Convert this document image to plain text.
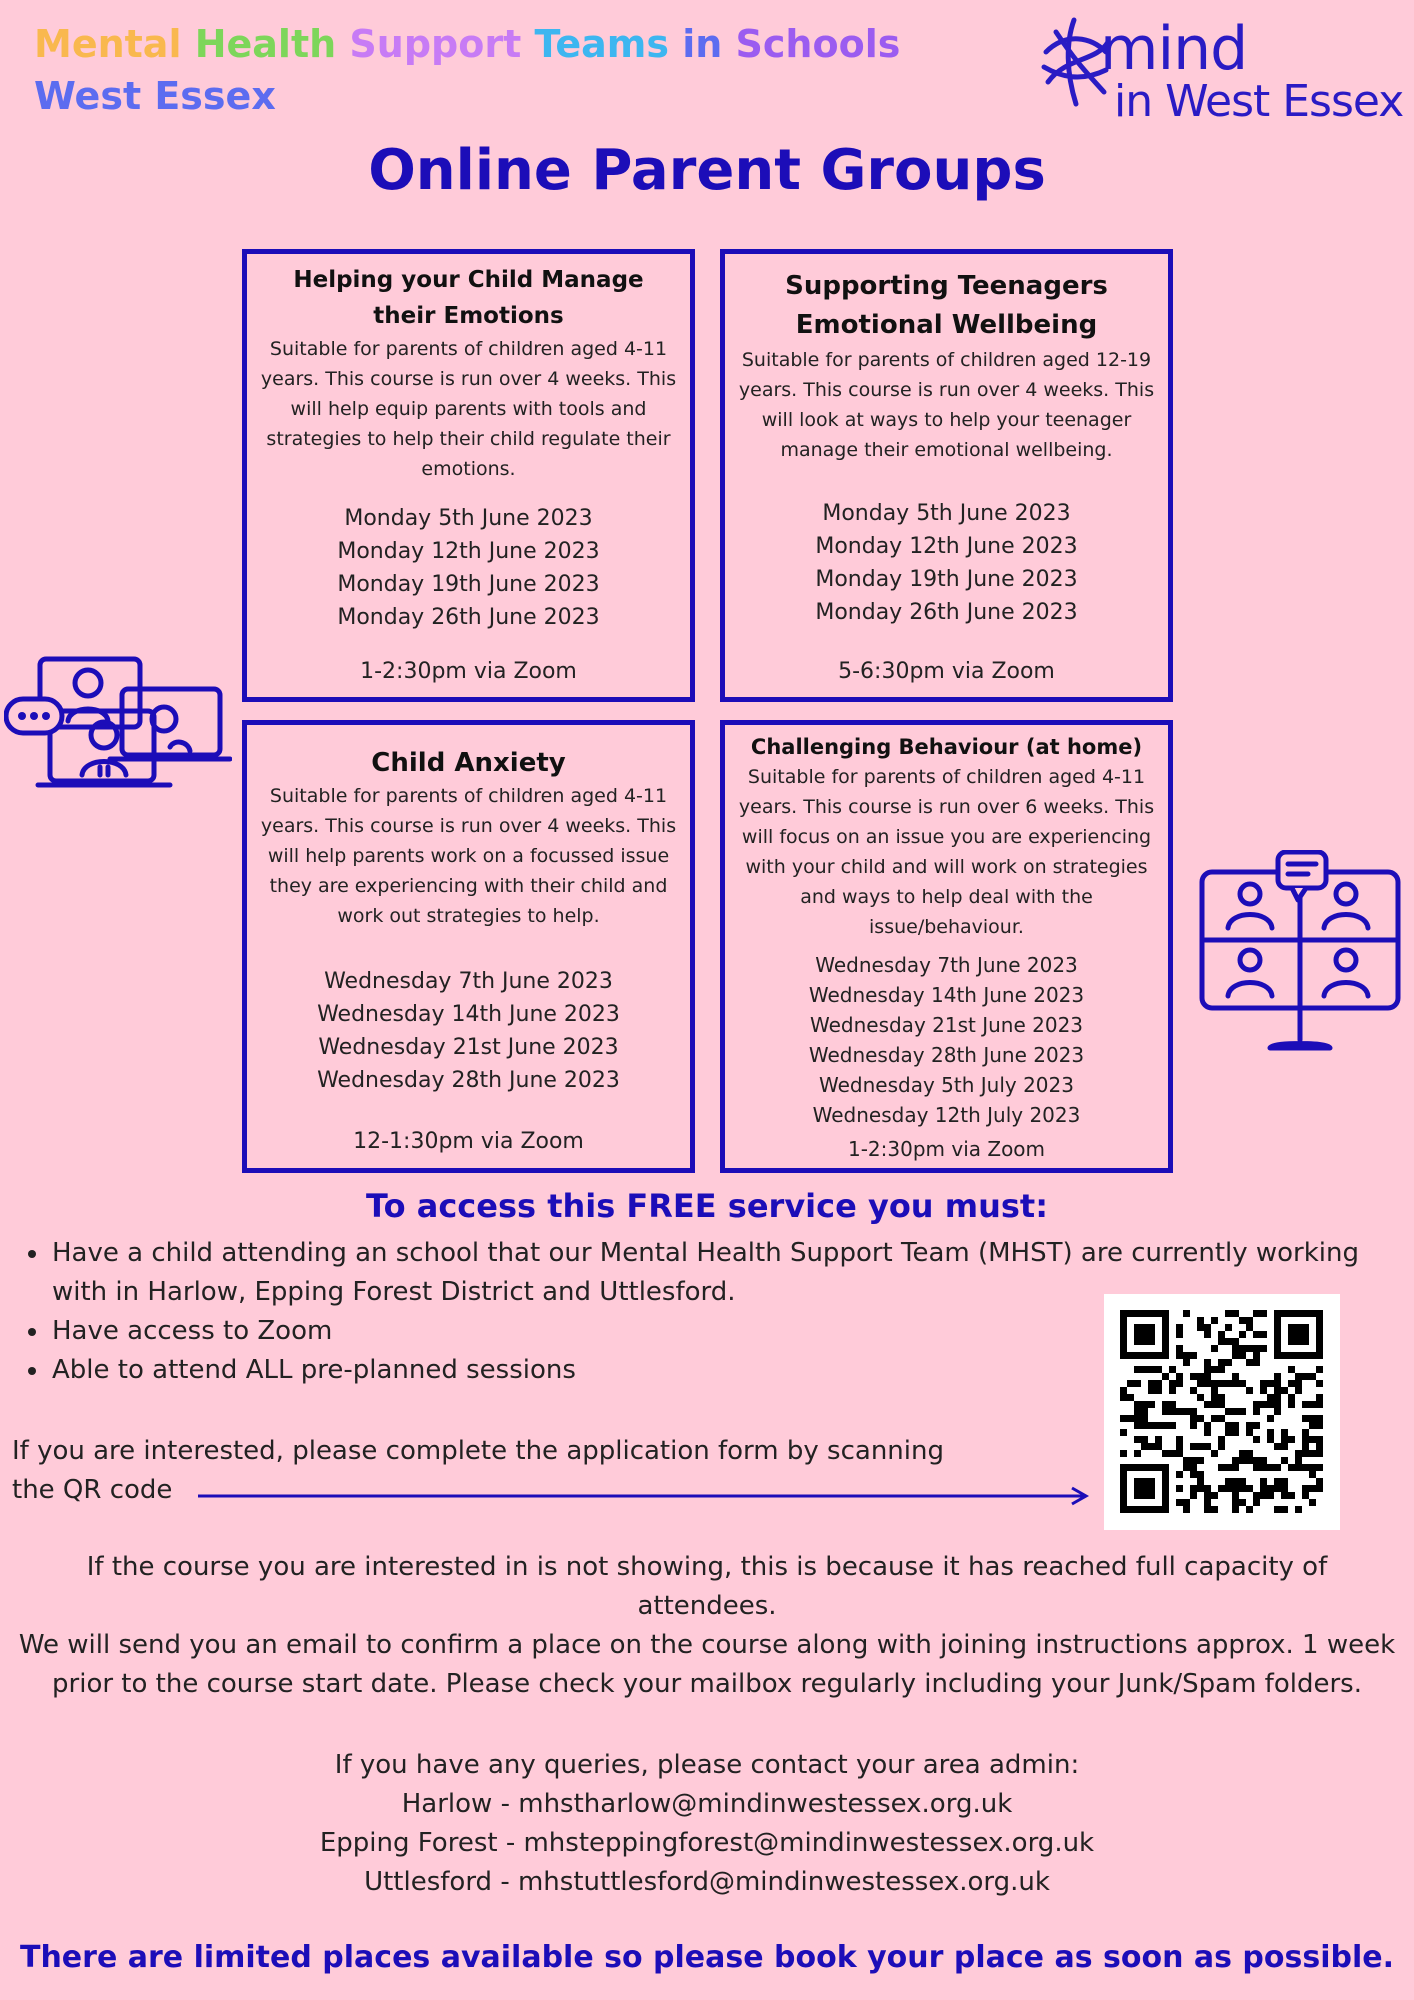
Mental Health Support Teams in Schools
West Essex
mind
in West Essex
Online Parent Groups
Helping your Child Manage their Emotions

Suitable for parents of children aged 4-11 years. This course is run over 4 weeks. This will help equip parents with tools and strategies to help their child regulate their emotions.

Monday 5th June 2023
Monday 12th June 2023
Monday 19th June 2023
Monday 26th June 2023
1-2:30pm via Zoom
Supporting Teenagers Emotional Wellbeing

Suitable for parents of children aged 12-19 years. This course is run over 4 weeks. This will look at ways to help your teenager manage their emotional wellbeing.

Monday 5th June 2023
Monday 12th June 2023
Monday 19th June 2023
Monday 26th June 2023
5-6:30pm via Zoom
Child Anxiety

Suitable for parents of children aged 4-11 years. This course is run over 4 weeks. This will help parents work on a focussed issue they are experiencing with their child and work out strategies to help.

Wednesday 7th June 2023
Wednesday 14th June 2023
Wednesday 21st June 2023
Wednesday 28th June 2023
12-1:30pm via Zoom
Challenging Behaviour (at home)

Suitable for parents of children aged 4-11 years. This course is run over 6 weeks. This will focus on an issue you are experiencing with your child and will work on strategies and ways to help deal with the issue/behaviour.

Wednesday 7th June 2023
Wednesday 14th June 2023
Wednesday 21st June 2023
Wednesday 28th June 2023
Wednesday 5th July 2023
Wednesday 12th July 2023
1-2:30pm via Zoom
To access this FREE service you must:
Have a child attending an school that our Mental Health Support Team (MHST) are currently working with in Harlow, Epping Forest District and Uttlesford.
Have access to Zoom
Able to attend ALL pre-planned sessions
If you are interested, please complete the application form by scanning the QR code
If the course you are interested in is not showing, this is because it has reached full capacity of attendees.
We will send you an email to confirm a place on the course along with joining instructions approx. 1 week prior to the course start date. Please check your mailbox regularly including your Junk/Spam folders.
If you have any queries, please contact your area admin:
Harlow - mhstharlow@mindinwestessex.org.uk
Epping Forest - mhsteppingforest@mindinwestessex.org.uk
Uttlesford - mhstuttlesford@mindinwestessex.org.uk
There are limited places available so please book your place as soon as possible.
